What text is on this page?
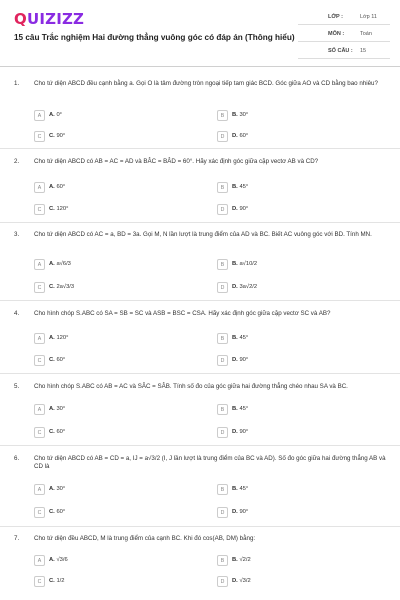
QUIZIZZ
15 câu Trắc nghiệm Hai đường thẳng vuông góc có đáp án (Thông hiểu)
LỚP :	Lớp 11
MÔN :	Toán
SỐ CÂU : 15
1. Cho tứ diện ABCD đều cạnh bằng a. Gọi O là tâm đường tròn ngoại tiếp tam giác BCD. Góc giữa AO và CD bằng bao nhiêu?
A	A. 0°	B	B. 30°
C	C. 90°	D	D. 60°
2. Cho tứ diện ABCD có AB = AC = AD và BÂC = BÂD = 60°. Hãy xác định góc giữa cặp vectơ AB và CD?
A	A. 60°	B	B. 45°
C	C. 120°	D	D. 90°
3. Cho tứ diện ABCD có AC = a, BD = 3a. Gọi M, N lần lượt là trung điểm của AD và BC. Biết AC vuông góc với BD. Tính MN.
A	A. a√6/3	B	B. a√10/2
C	C. 2a√3/3	D	D. 3a√2/2
4. Cho hình chóp S.ABC có SA = SB = SC và ASB = BSC = CSA. Hãy xác định góc giữa cặp vectơ SC và AB?
A	A. 120°	B	B. 45°
C	C. 60°	D	D. 90°
5. Cho hình chóp S.ABC có AB = AC và SÂC = SÂB. Tính số đo của góc giữa hai đường thẳng chéo nhau SA và BC.
A	A. 30°	B	B. 45°
C	C. 60°	D	D. 90°
6. Cho tứ diện ABCD có AB = CD = a, IJ = a√3/2 (I, J lần lượt là trung điểm của BC và AD). Số đo góc giữa hai đường thẳng AB và CD là
A	A. 30°	B	B. 45°
C	C. 60°	D	D. 90°
7. Cho tứ diện đều ABCD, M là trung điểm của cạnh BC. Khi đó cos(AB, DM) bằng:
A	A. √3/6	B	B. √2/2
C	C. 1/2	D	D. √3/2
